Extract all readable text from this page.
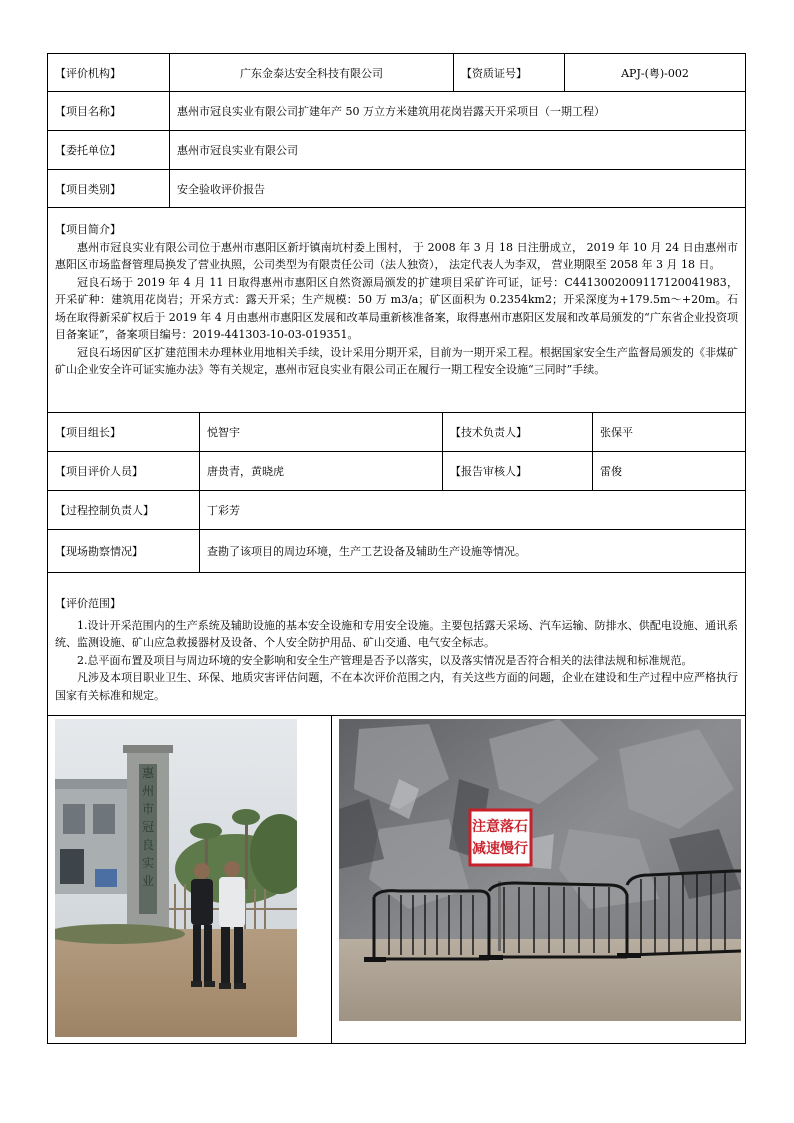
【评价机构】	广东金泰达安全科技有限公司	【资质证号】	APJ-(粤)-002
【项目名称】	惠州市冠良实业有限公司扩建年产 50 万立方米建筑用花岗岩露天开采项目（一期工程）
【委托单位】	惠州市冠良实业有限公司
【项目类别】	安全验收评价报告
【项目简介】

惠州市冠良实业有限公司位于惠州市惠阳区新圩镇南坑村委上围村， 于 2008 年 3 月 18 日注册成立， 2019 年 10 月 24 日由惠州市惠阳区市场监督管理局换发了营业执照，公司类型为有限责任公司（法人独资）， 法定代表人为李双， 营业期限至 2058 年 3 月 18 日。

冠良石场于 2019 年 4 月 11 日取得惠州市惠阳区自然资源局颁发的扩建项目采矿许可证，证号：C4413002009117120041983，开采矿种：建筑用花岗岩；开采方式：露天开采；生产规模：50 万 m3/a；矿区面积为 0.2354km2；开采深度为+179.5m～+20m。石场在取得新采矿权后于 2019 年 4 月由惠州市惠阳区发展和改革局重新核准备案，取得惠州市惠阳区发展和改革局颁发的“广东省企业投资项目备案证”，备案项目编号：2019-441303-10-03-019351。

冠良石场因矿区扩建范围未办理林业用地相关手续，设计采用分期开采，目前为一期开采工程。根据国家安全生产监督局颁发的《非煤矿矿山企业安全许可证实施办法》等有关规定，惠州市冠良实业有限公司正在履行一期工程安全设施“三同时”手续。

【项目组长】	悦智宇	【技术负责人】	张保平
【项目评价人员】	唐贵青，黄晓虎	【报告审核人】	雷俊
【过程控制负责人】	丁彩芳
【现场勘察情况】	查勘了该项目的周边环境，生产工艺设备及辅助生产设施等情况。
【评价范围】

1.设计开采范围内的生产系统及辅助设施的基本安全设施和专用安全设施。主要包括露天采场、汽车运输、防排水、供配电设施、通讯系统、监测设施、矿山应急救援器材及设备、个人安全防护用品、矿山交通、电气安全标志。

2.总平面布置及项目与周边环境的安全影响和安全生产管理是否予以落实，以及落实情况是否符合相关的法律法规和标准规范。

凡涉及本项目职业卫生、环保、地质灾害评估问题，不在本次评价范围之内，有关这些方面的问题，企业在建设和生产过程中应严格执行国家有关标准和规定。

惠
州
市
冠
良
实
业
注意落石
减速慢行
